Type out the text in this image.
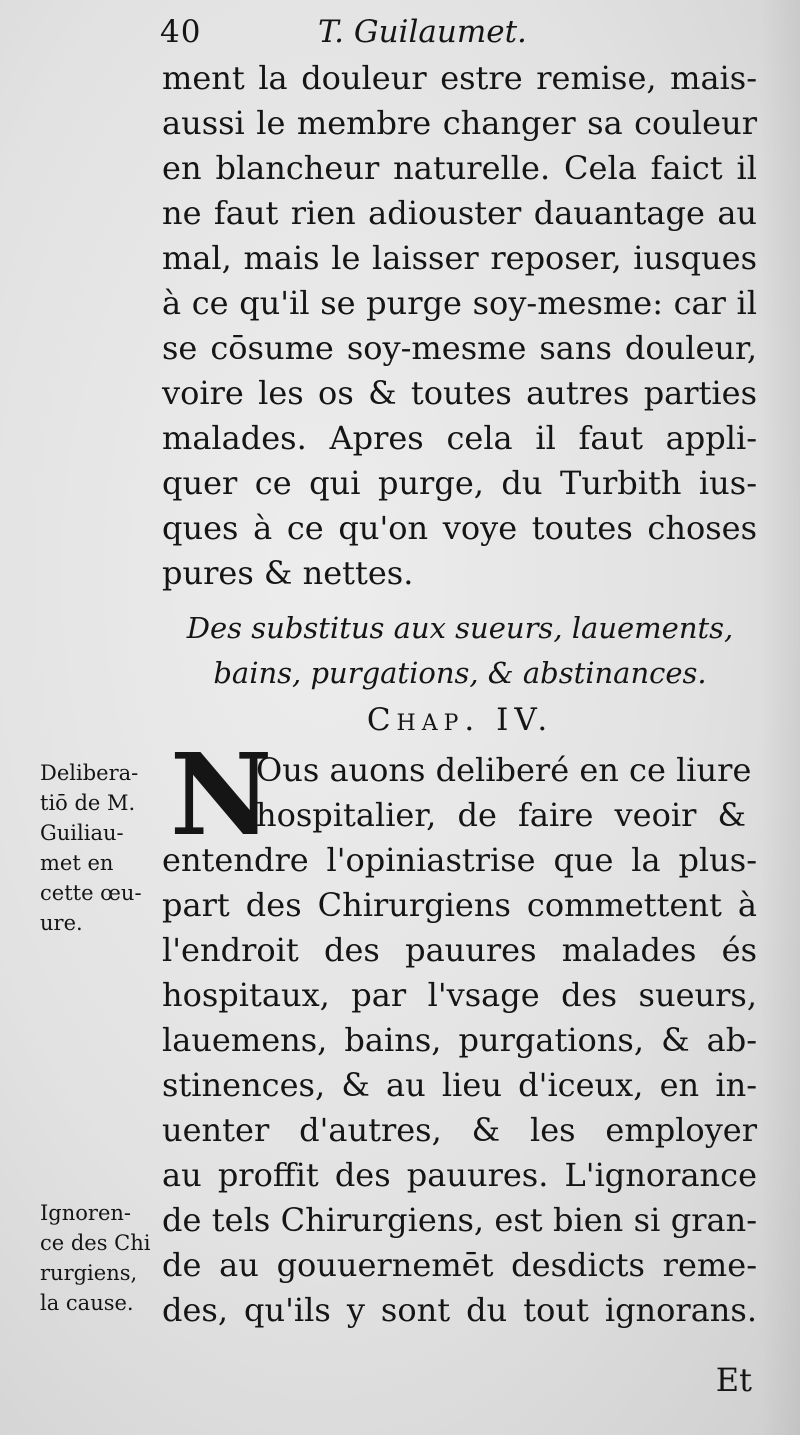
40	T. Guilaumet.
ment la douleur estre remise, mais-
aussi le membre changer sa couleur
en blancheur naturelle. Cela faict il
ne faut rien adiouster dauantage au
mal, mais le laisser reposer, iusques
à ce qu'il se purge soy-mesme: car il
se cōsume soy-mesme sans douleur,
voire les os & toutes autres parties
malades. Apres cela il faut appli-
quer ce qui purge, du Turbith ius-
ques à ce qu'on voye toutes choses
pures & nettes.
Des substitus aux sueurs, lauements,
bains, purgations, & abstinances.
Chap. IV.
N
Ous auons deliberé en ce liure
hospitalier, de faire veoir &
entendre l'opiniastrise que la plus-
part des Chirurgiens commettent à
l'endroit des pauures malades és
hospitaux, par l'vsage des sueurs,
lauemens, bains, purgations, & ab-
stinences, & au lieu d'iceux, en in-
uenter d'autres, & les employer
au proffit des pauures. L'ignorance
de tels Chirurgiens, est bien si gran-
de au gouuernemēt desdicts reme-
des, qu'ils y sont du tout ignorans.
Delibera-
tiō de M.
Guiliau-
met en
cette œu-
ure.
Ignoren-
ce des Chi
rurgiens,
la cause.
Et
